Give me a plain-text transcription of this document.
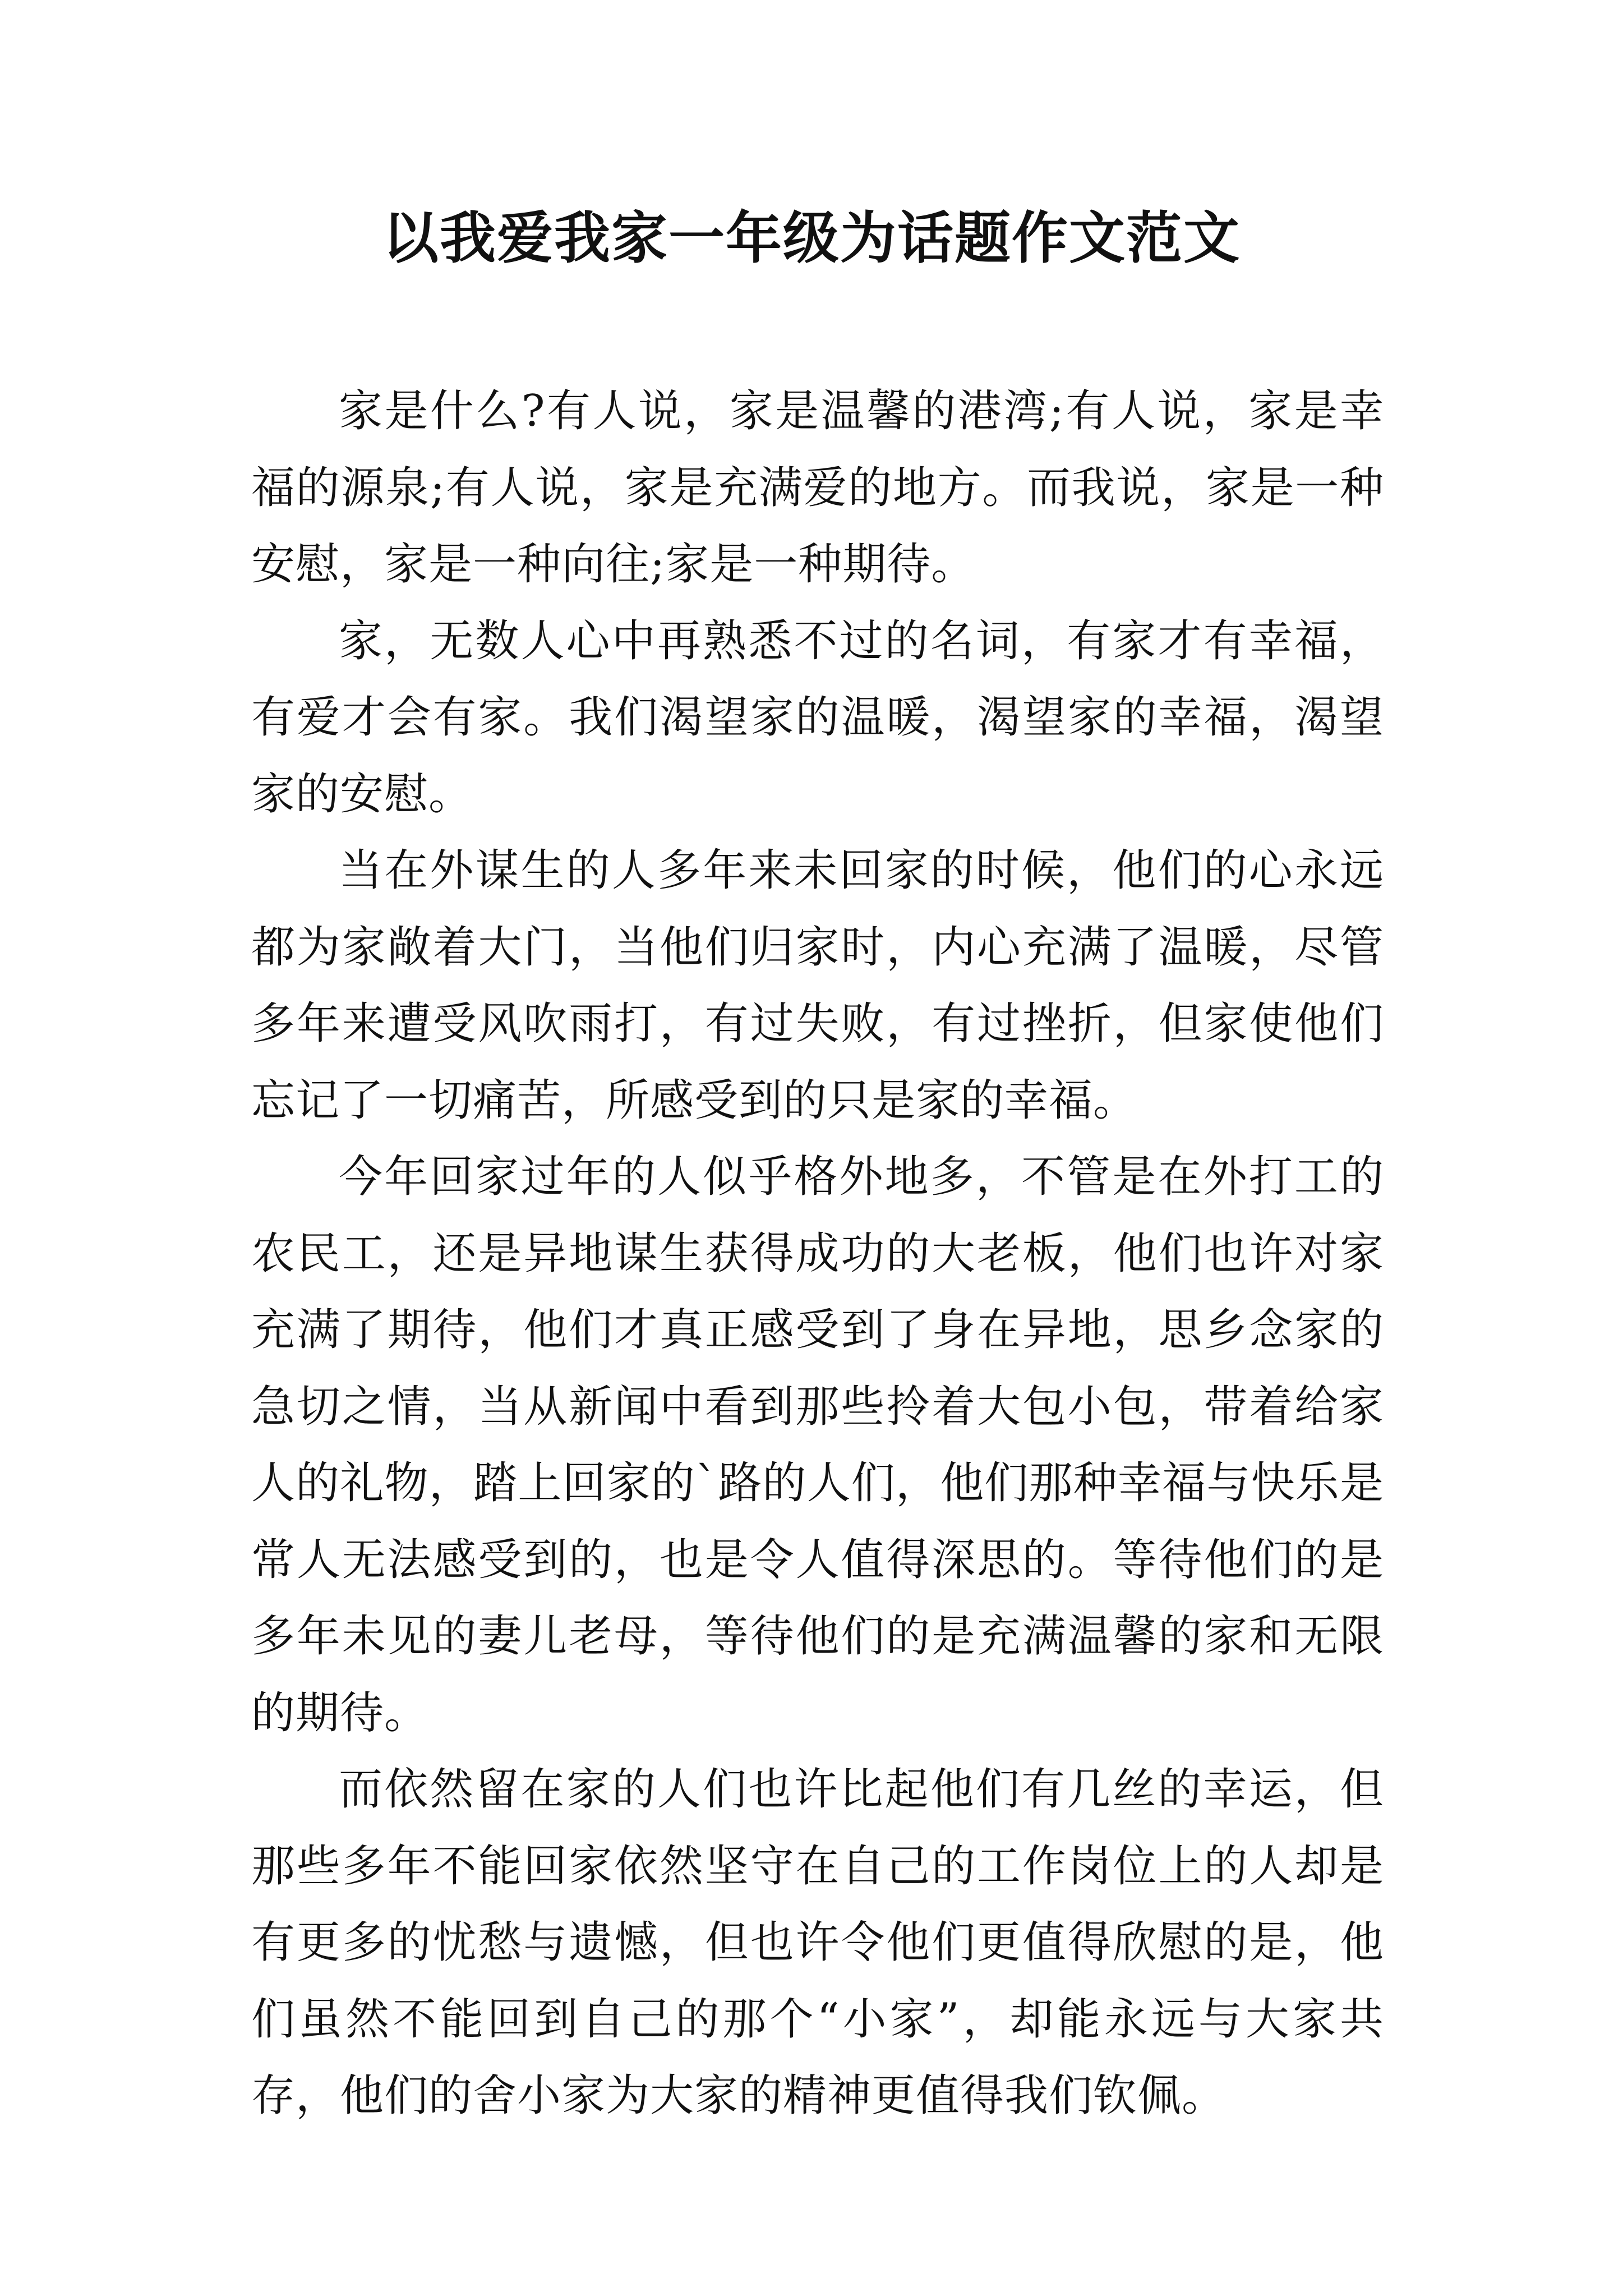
以我爱我家一年级为话题作文范文

家是什么?有人说，家是温馨的港湾;有人说，家是幸福的源泉;有人说，家是充满爱的地方。而我说，家是一种安慰，家是一种向往;家是一种期待。

家，无数人心中再熟悉不过的名词，有家才有幸福，有爱才会有家。我们渴望家的温暖，渴望家的幸福，渴望家的安慰。

当在外谋生的人多年来未回家的时候，他们的心永远都为家敞着大门，当他们归家时，内心充满了温暖，尽管多年来遭受风吹雨打，有过失败，有过挫折，但家使他们忘记了一切痛苦，所感受到的只是家的幸福。

今年回家过年的人似乎格外地多，不管是在外打工的农民工，还是异地谋生获得成功的大老板，他们也许对家充满了期待，他们才真正感受到了身在异地，思乡念家的急切之情，当从新闻中看到那些拎着大包小包，带着给家人的礼物，踏上回家的`路的人们，他们那种幸福与快乐是常人无法感受到的，也是令人值得深思的。等待他们的是多年未见的妻儿老母，等待他们的是充满温馨的家和无限的期待。

而依然留在家的人们也许比起他们有几丝的幸运，但那些多年不能回家依然坚守在自己的工作岗位上的人却是有更多的忧愁与遗憾，但也许令他们更值得欣慰的是，他们虽然不能回到自己的那个“小家”，却能永远与大家共存，他们的舍小家为大家的精神更值得我们钦佩。
